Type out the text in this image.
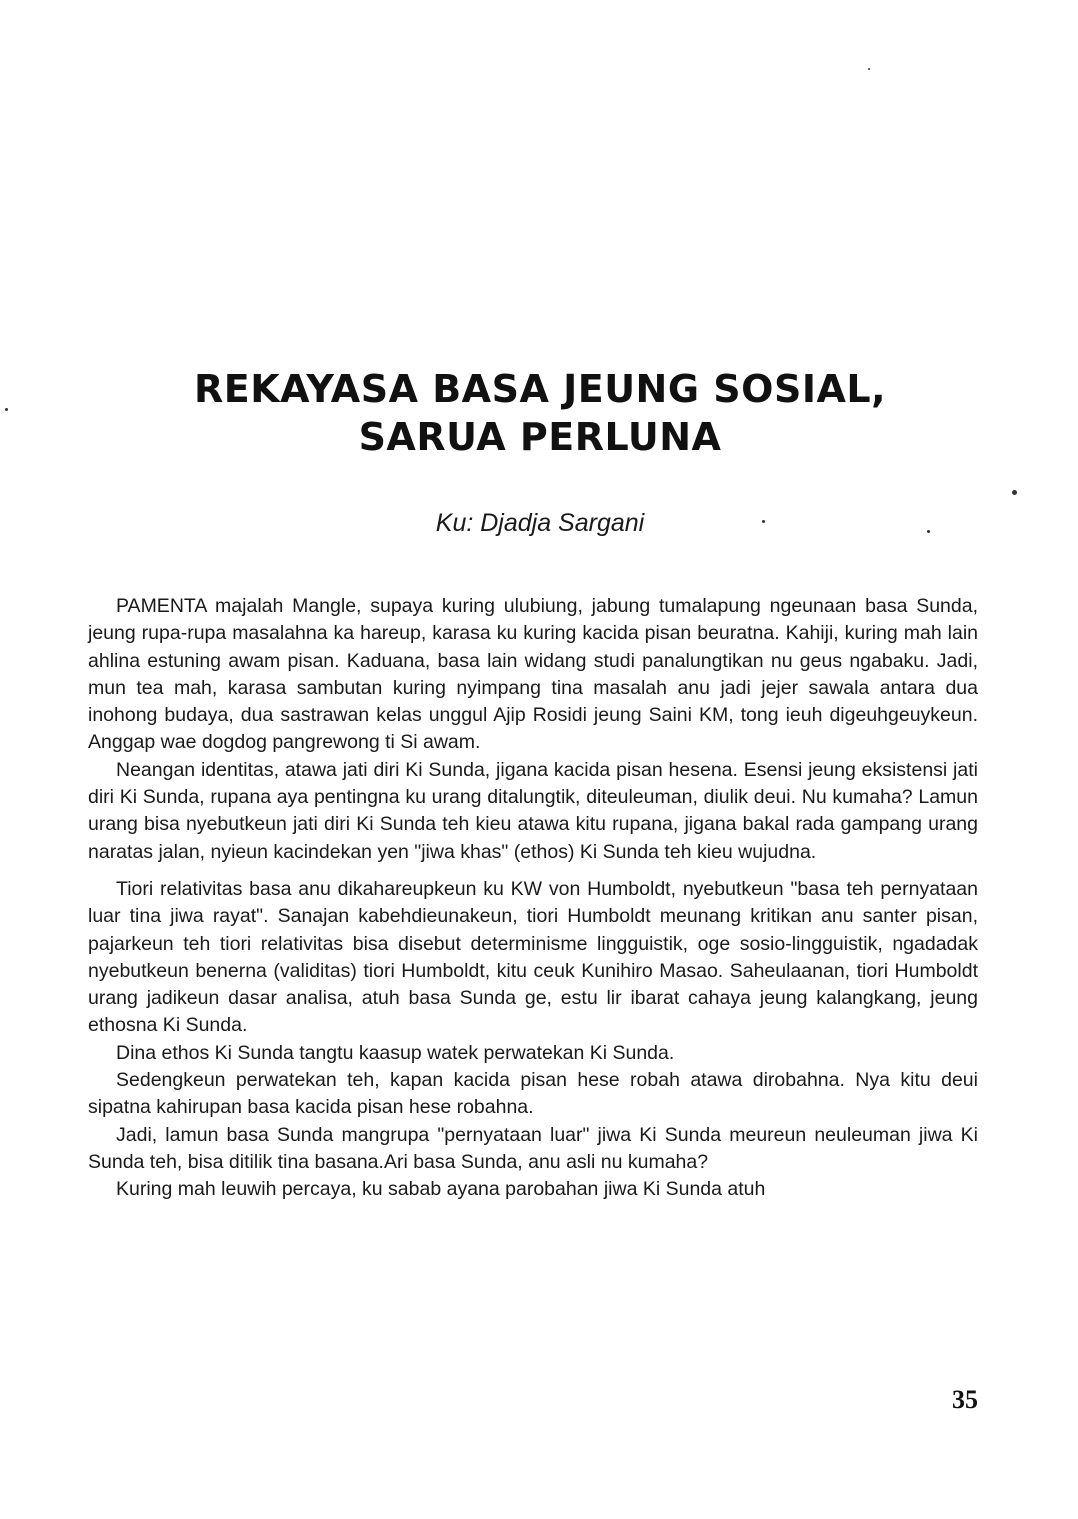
REKAYASA BASA JEUNG SOSIAL,
SARUA PERLUNA
Ku: Djadja Sargani

PAMENTA majalah Mangle, supaya kuring ulubiung, jabung tumalapung ngeunaan basa Sunda, jeung rupa-rupa masalahna ka hareup, karasa ku kuring kacida pisan beuratna. Kahiji, kuring mah lain ahlina estuning awam pisan. Kaduana, basa lain widang studi panalungtikan nu geus ngabaku. Jadi, mun tea mah, karasa sambutan kuring nyimpang tina masalah anu jadi jejer sawala antara dua inohong budaya, dua sastrawan kelas unggul Ajip Rosidi jeung Saini KM, tong ieuh digeuhgeuykeun. Anggap wae dogdog pangrewong ti Si awam.

Neangan identitas, atawa jati diri Ki Sunda, jigana kacida pisan hesena. Esensi jeung eksistensi jati diri Ki Sunda, rupana aya pentingna ku urang ditalungtik, diteuleuman, diulik deui. Nu kumaha? Lamun urang bisa nyebutkeun jati diri Ki Sunda teh kieu atawa kitu rupana, jigana bakal rada gampang urang naratas jalan, nyieun kacindekan yen "jiwa khas" (ethos) Ki Sunda teh kieu wujudna.

Tiori relativitas basa anu dikahareupkeun ku KW von Humboldt, nyebutkeun "basa teh pernyataan luar tina jiwa rayat". Sanajan kabehdieunakeun, tiori Humboldt meunang kritikan anu santer pisan, pajarkeun teh tiori relativitas bisa disebut determinisme lingguistik, oge sosio-lingguistik, ngadadak nyebutkeun benerna (validitas) tiori Humboldt, kitu ceuk Kunihiro Masao. Saheulaanan, tiori Humboldt urang jadikeun dasar analisa, atuh basa Sunda ge, estu lir ibarat cahaya jeung kalangkang, jeung ethosna Ki Sunda.

Dina ethos Ki Sunda tangtu kaasup watek perwatekan Ki Sunda.

Sedengkeun perwatekan teh, kapan kacida pisan hese robah atawa dirobahna. Nya kitu deui sipatna kahirupan basa kacida pisan hese robahna.

Jadi, lamun basa Sunda mangrupa "pernyataan luar" jiwa Ki Sunda meureun neuleuman jiwa Ki Sunda teh, bisa ditilik tina basana.Ari basa Sunda, anu asli nu kumaha?

Kuring mah leuwih percaya, ku sabab ayana parobahan jiwa Ki Sunda atuh

35
